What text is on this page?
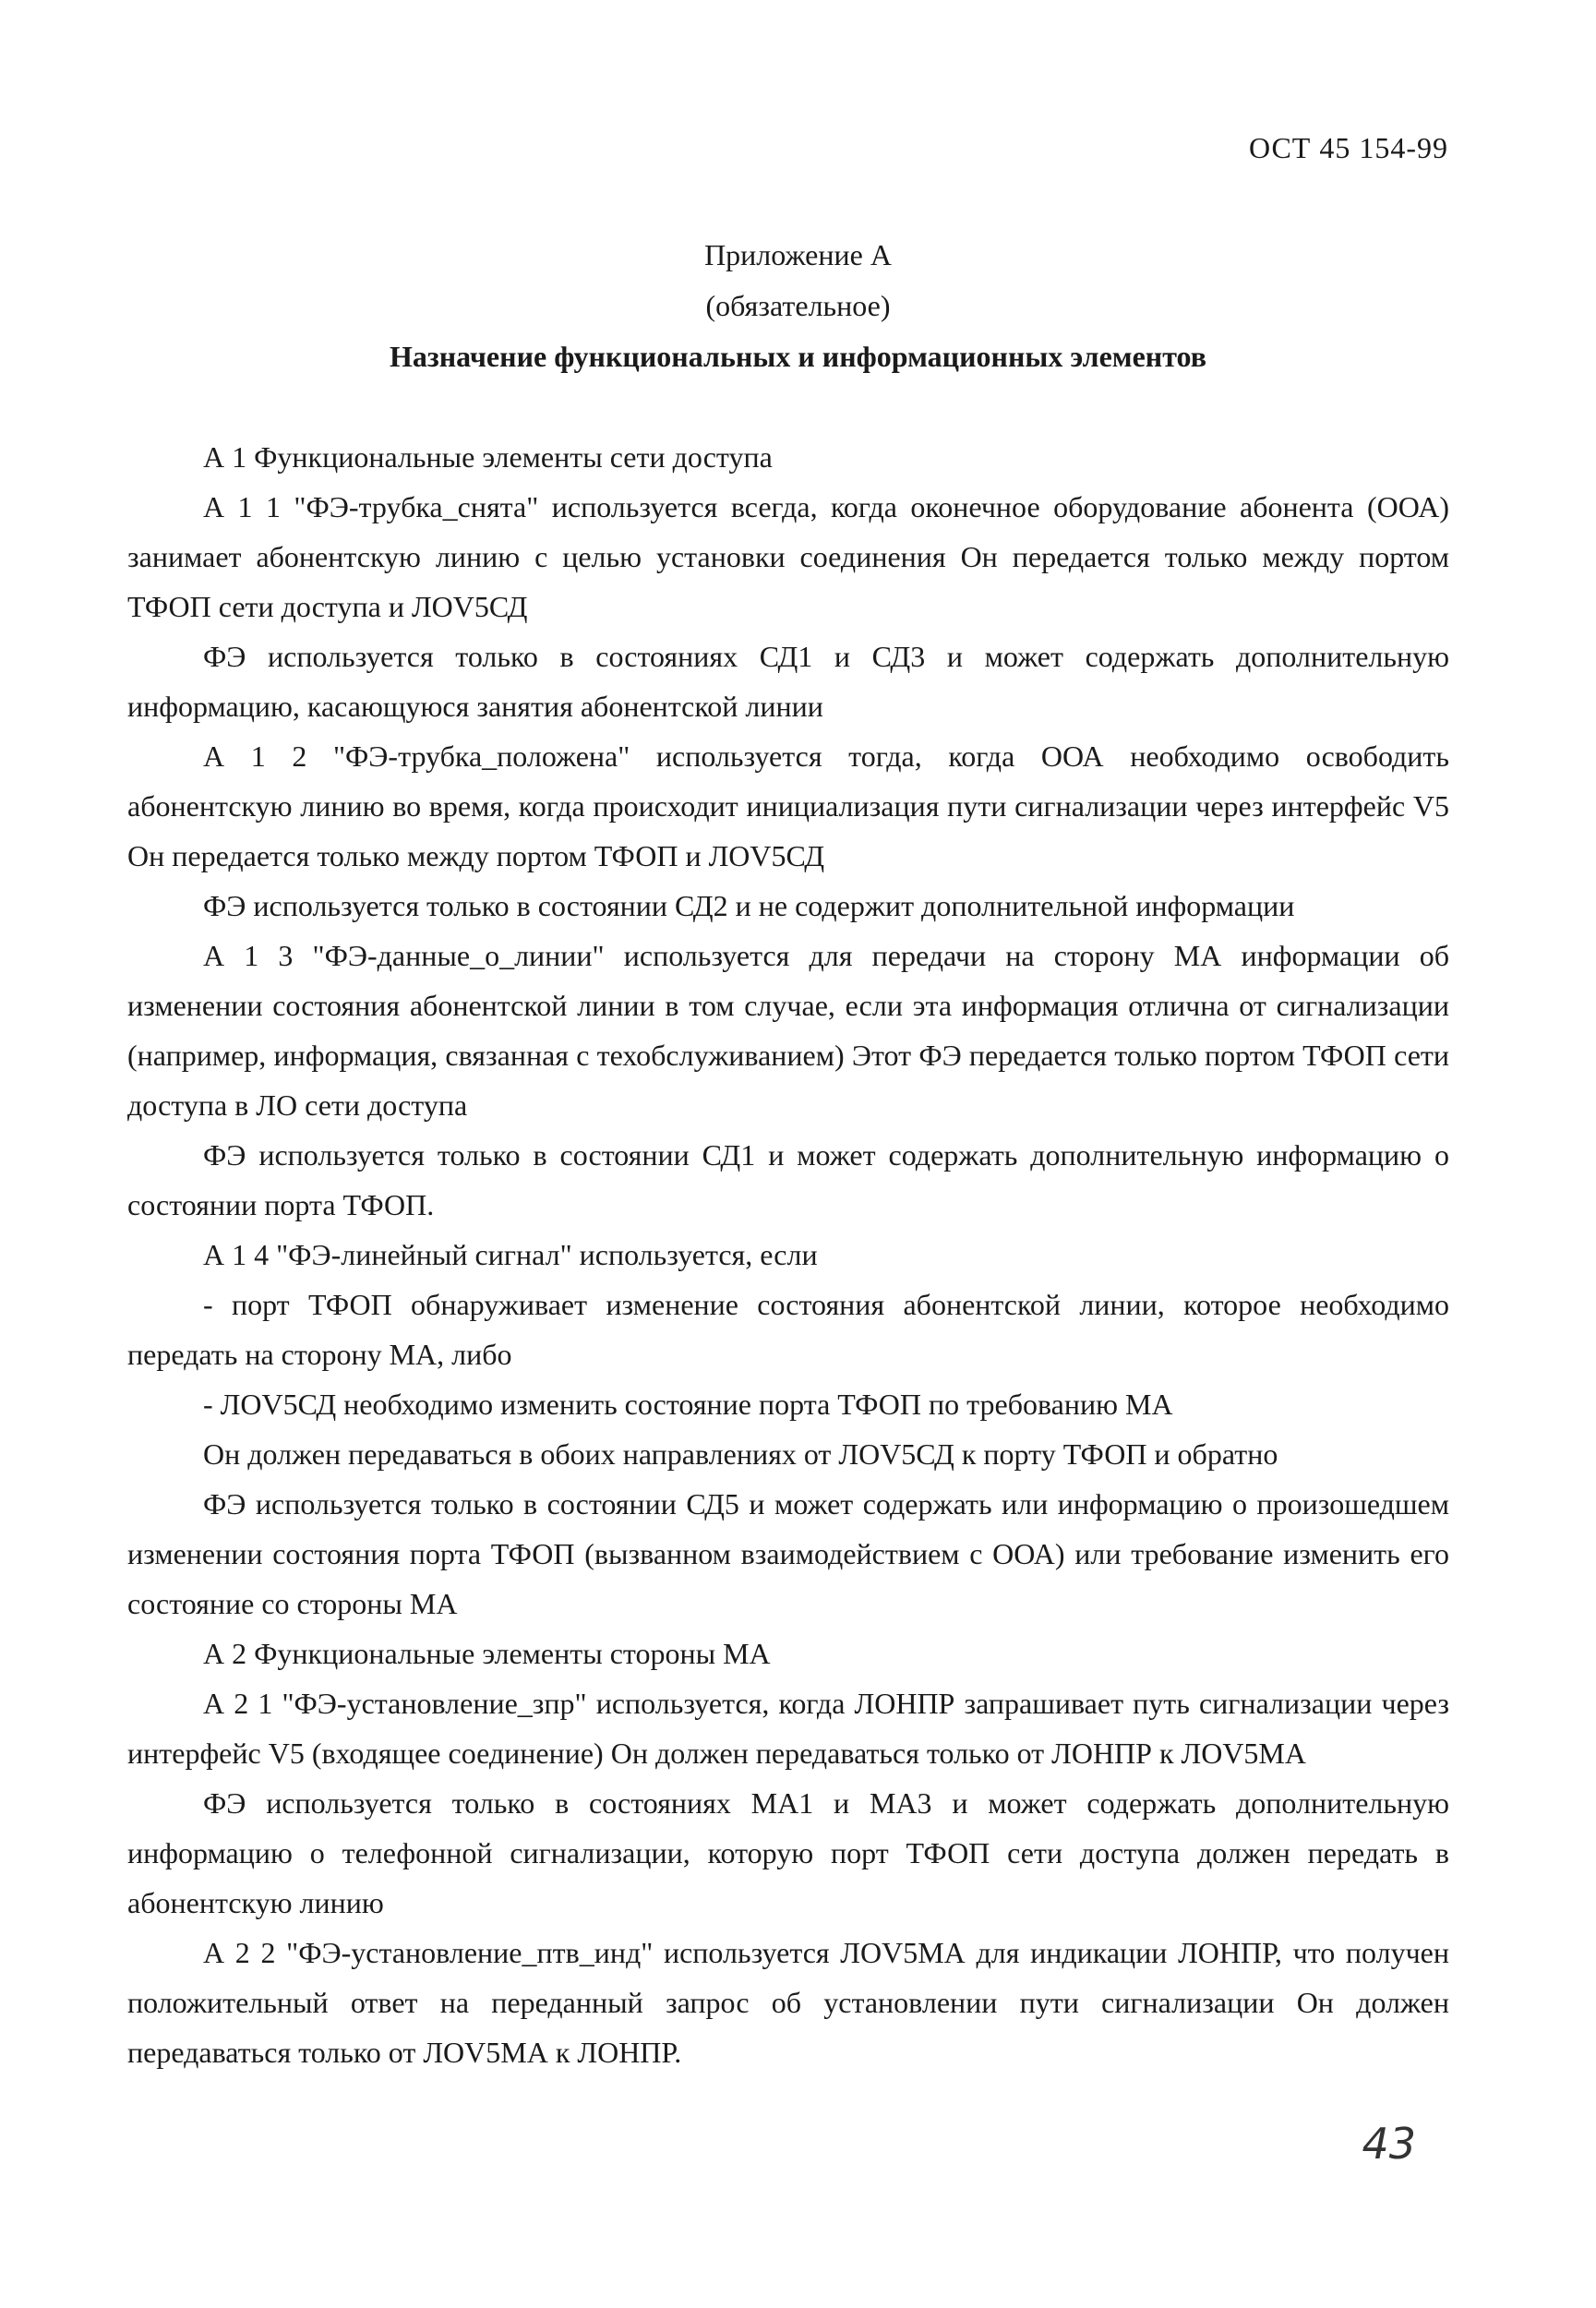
ОСТ 45 154-99
Приложение А
(обязательное)
Назначение функциональных и информационных элементов

А 1 Функциональные элементы сети доступа

А 1 1 "ФЭ-трубка_снята" используется всегда, когда оконечное оборудование абонента (ООА) занимает абонентскую линию с целью установки соединения Он передается только между портом ТФОП сети доступа и ЛОV5СД

ФЭ используется только в состояниях СД1 и СД3 и может содержать дополнительную информацию, касающуюся занятия абонентской линии

А 1 2 "ФЭ-трубка_положена" используется тогда, когда ООА необходимо освободить абонентскую линию во время, когда происходит инициализация пути сигнализации через интерфейс V5 Он передается только между портом ТФОП и ЛОV5СД

ФЭ используется только в состоянии СД2 и не содержит дополнительной информации

А 1 3 "ФЭ-данные_о_линии" используется для передачи на сторону МА информации об изменении состояния абонентской линии в том случае, если эта информация отлична от сигнализации (например, информация, связанная с техобслуживанием) Этот ФЭ передается только портом ТФОП сети доступа в ЛО сети доступа

ФЭ используется только в состоянии СД1 и может содержать дополнительную информацию о состоянии порта ТФОП.

А 1 4 "ФЭ-линейный сигнал" используется, если

- порт ТФОП обнаруживает изменение состояния абонентской линии, которое необходимо передать на сторону МА, либо

- ЛОV5СД необходимо изменить состояние порта ТФОП по требованию МА

Он должен передаваться в обоих направлениях от ЛОV5СД к порту ТФОП и обратно

ФЭ используется только в состоянии СД5 и может содержать или информацию о произошедшем изменении состояния порта ТФОП (вызванном взаимодействием с ООА) или требование изменить его состояние со стороны МА

А 2 Функциональные элементы стороны МА

А 2 1 "ФЭ-установление_зпр" используется, когда ЛОНПР запрашивает путь сигнализации через интерфейс V5 (входящее соединение) Он должен передаваться только от ЛОНПР к ЛОV5МА

ФЭ используется только в состояниях МА1 и МА3 и может содержать дополнительную информацию о телефонной сигнализации, которую порт ТФОП сети доступа должен передать в абонентскую линию

А 2 2 "ФЭ-установление_птв_инд" используется ЛОV5МА для индикации ЛОНПР, что получен положительный ответ на переданный запрос об установлении пути сигнализации Он должен передаваться только от ЛОV5МА к ЛОНПР.

43
